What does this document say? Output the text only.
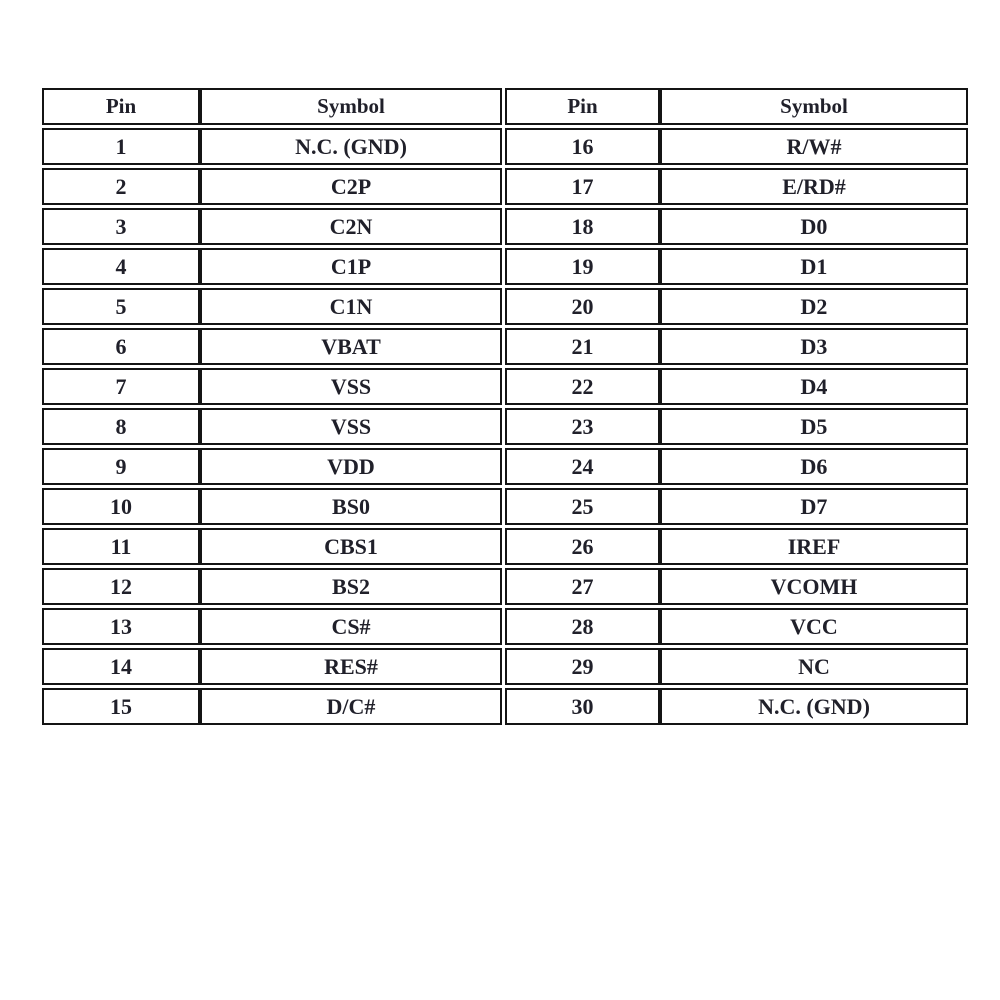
Pin	Symbol
1	N.C. (GND)
2	C2P
3	C2N
4	C1P
5	C1N
6	VBAT
7	VSS
8	VSS
9	VDD
10	BS0
11	CBS1
12	BS2
13	CS#
14	RES#
15	D/C#
Pin	Symbol
16	R/W#
17	E/RD#
18	D0
19	D1
20	D2
21	D3
22	D4
23	D5
24	D6
25	D7
26	IREF
27	VCOMH
28	VCC
29	NC
30	N.C. (GND)
